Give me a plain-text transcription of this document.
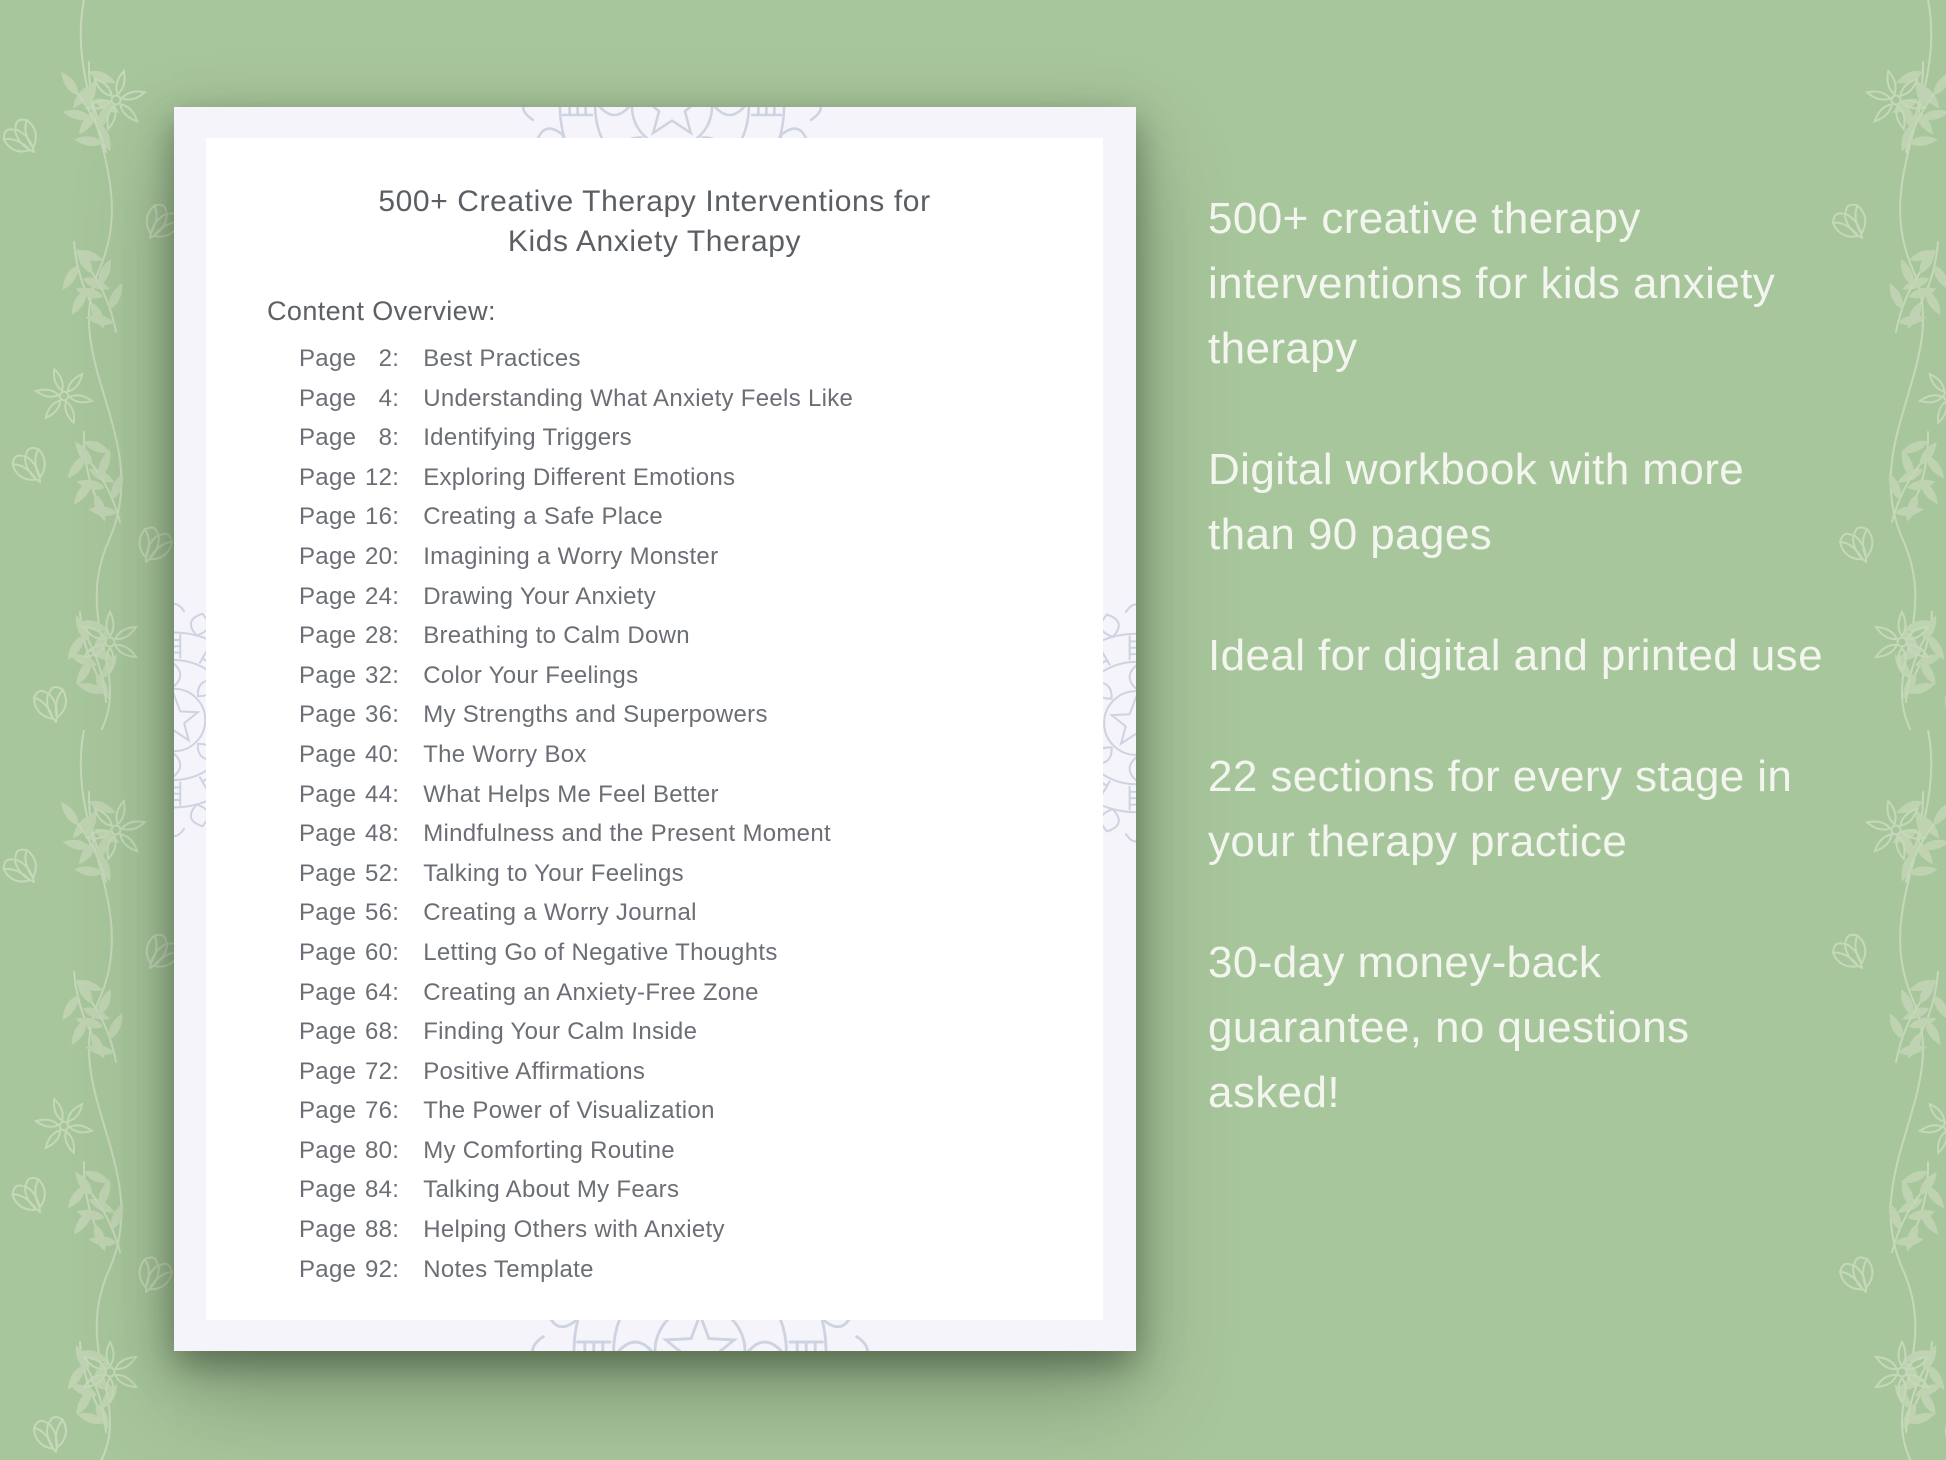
500+ Creative Therapy Interventions for
Kids Anxiety Therapy
Content Overview:
Page 2: Best Practices
Page 4: Understanding What Anxiety Feels Like
Page 8: Identifying Triggers
Page 12: Exploring Different Emotions
Page 16: Creating a Safe Place
Page 20: Imagining a Worry Monster
Page 24: Drawing Your Anxiety
Page 28: Breathing to Calm Down
Page 32: Color Your Feelings
Page 36: My Strengths and Superpowers
Page 40: The Worry Box
Page 44: What Helps Me Feel Better
Page 48: Mindfulness and the Present Moment
Page 52: Talking to Your Feelings
Page 56: Creating a Worry Journal
Page 60: Letting Go of Negative Thoughts
Page 64: Creating an Anxiety-Free Zone
Page 68: Finding Your Calm Inside
Page 72: Positive Affirmations
Page 76: The Power of Visualization
Page 80: My Comforting Routine
Page 84: Talking About My Fears
Page 88: Helping Others with Anxiety
Page 92: Notes Template

500+ creative therapy interventions for kids anxiety therapy

Digital workbook with more than 90 pages

Ideal for digital and printed use

22 sections for every stage in your therapy practice

30-day money-back guarantee, no questions asked!
